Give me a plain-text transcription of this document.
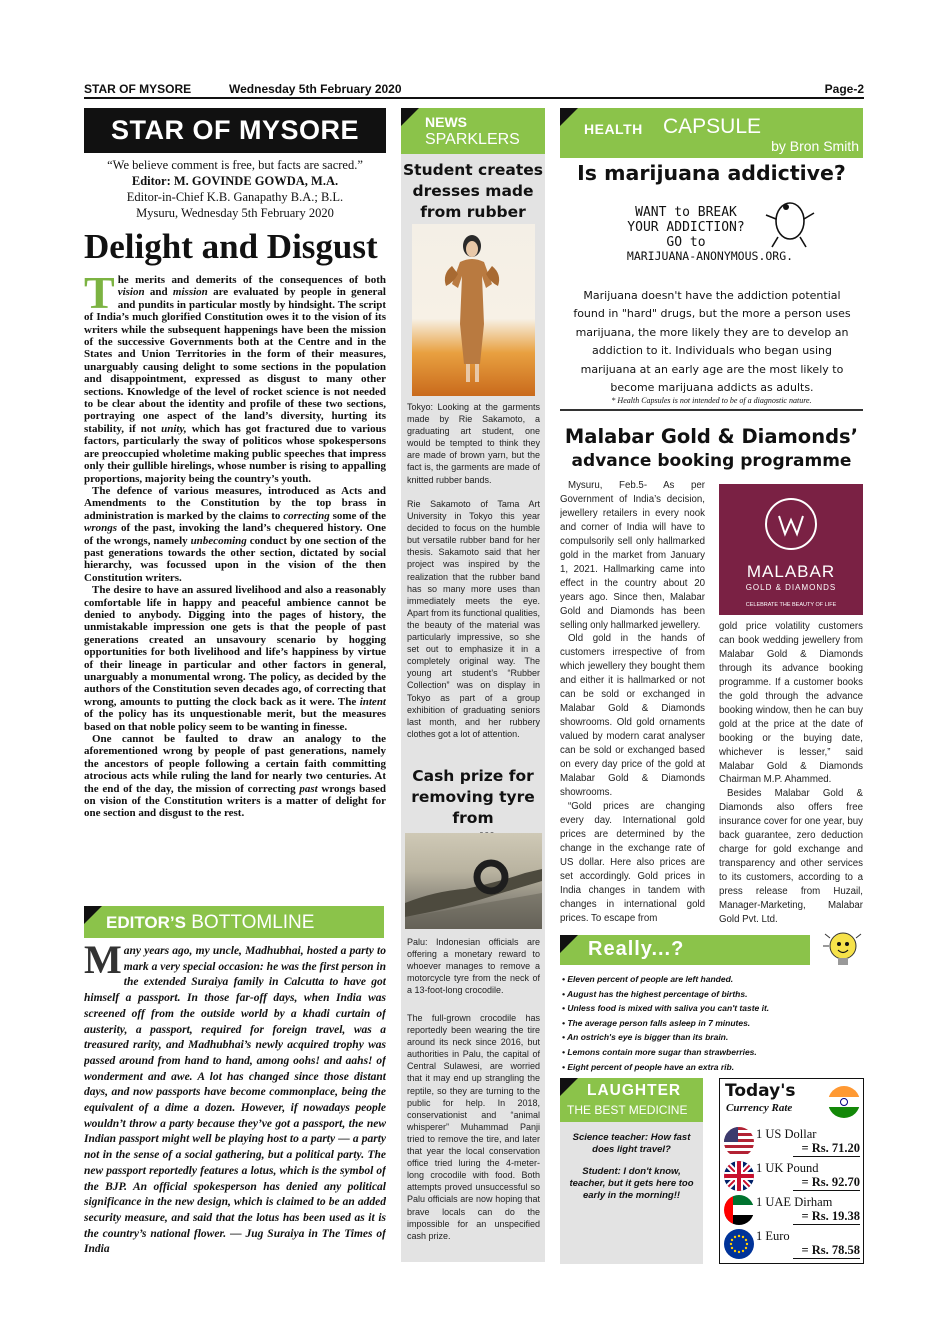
STAR OF MYSORE	Wednesday 5th February 2020	Page-2
STAR OF MYSORE
“We believe comment is free, but facts are sacred.”
Editor: M. GOVINDE GOWDA, M.A.
Editor-in-Chief K.B. Ganapathy B.A.; B.L.
Mysuru, Wednesday 5th February 2020
Delight and Disgust

The merits and demerits of the consequences of both vision and mission are evaluated by people in general and pundits in particular mostly by hindsight. The script of India’s much glorified Constitution owes it to the vision of its writers while the subsequent happenings have been the mission of the successive Governments both at the Centre and in the States and Union Territories in the form of their measures, unarguably causing delight to some sections in the population and disappointment, expressed as disgust to many other sections. Knowledge of the level of rocket science is not needed to be clear about the identity and profile of these two sections, portraying one aspect of the land’s diversity, hurting its stability, if not unity, which has got fractured due to various factors, particularly the sway of politicos whose spokespersons are preoccupied wholetime making public speeches that impress only their gullible hirelings, whose number is rising to appalling proportions, majority being the country’s youth.

The defence of various measures, introduced as Acts and Amendments to the Constitution by the top brass in administration is marked by the claims to correcting some of the wrongs of the past, invoking the land’s chequered history. One of the wrongs, namely unbecoming conduct by one section of the past generations towards the other section, dictated by social hierarchy, was focussed upon in the vision of the then Constitution writers.

The desire to have an assured livelihood and also a reasonably comfortable life in happy and peaceful ambience cannot be denied to anybody. Digging into the pages of history, the unmistakable impression one gets is that the people of past generations created an unsavoury scenario by hogging opportunities for both livelihood and life’s happiness by virtue of their lineage in particular and other factors in general, unarguably a monumental wrong. The policy, as decided by the authors of the Constitution seven decades ago, of correcting that wrong, amounts to putting the clock back as it were. The intent of the policy has its unquestionable merit, but the measures based on that noble policy seem to be wanting in finesse.

One cannot be faulted to draw an analogy to the aforementioned wrong by people of past generations, namely the ancestors of people following a certain faith committing atrocious acts while ruling the land for nearly two centuries. At the end of the day, the mission of correcting past wrongs based on vision of the Constitution writers is a matter of delight for one section and disgust to the rest.

EDITOR’S BOTTOMLINE
Many years ago, my uncle, Madhubhai, hosted a party to mark a very special occasion: he was the first person in the extended Suraiya family in Calcutta to have got himself a passport. In those far-off days, when India was screened off from the outside world by a khadi curtain of austerity, a passport, required for foreign travel, was a treasured rarity, and Madhubhai’s newly acquired trophy was passed around from hand to hand, among oohs! and aahs! of wonderment and awe. A lot has changed since those distant days, and now passports have become commonplace, being the equivalent of a dime a dozen. However, if nowadays people wouldn’t throw a party because they’ve got a passport, the new Indian passport might well be playing host to a party — a party not in the sense of a social gathering, but a political party. The new passport reportedly features a lotus, which is the symbol of the BJP. An official spokesperson has denied any political significance in the new design, which is claimed to be an added security measure, and said that the lotus has been used as it is the country’s national flower. — Jug Suraiya in The Times of India
NEWS
SPARKLERS
Student creates dresses made from rubber
Tokyo: Looking at the garments made by Rie Sakamoto, a graduating art student, one would be tempted to think they are made of brown yarn, but the fact is, the garments are made of knitted rubber bands.
Rie Sakamoto of Tama Art University in Tokyo this year decided to focus on the humble but versatile rubber band for her thesis. Sakamoto said that her project was inspired by the realization that the rubber band has so many more uses than immediately meets the eye. Apart from its functional qualities, the beauty of the material was particularly impressive, so she set out to emphasize it in a completely original way. The young art student’s “Rubber Collection” was on display in Tokyo as part of a group exhibition of graduating seniors last month, and her rubbery clothes got a lot of attention.
Cash prize for removing tyre from
Palu: Indonesian officials are offering a monetary reward to whoever manages to remove a motorcycle tyre from the neck of a 13-foot-long crocodile.
The full-grown crocodile has reportedly been wearing the tire around its neck since 2016, but authorities in Palu, the capital of Central Sulawesi, are worried that it may end up strangling the reptile, so they are turning to the public for help. In 2018, conservationist and “animal whisperer” Muhammad Panji tried to remove the tire, and later that year the local conservation office tried luring the 4-meter-long crocodile with food. Both attempts proved unsuccessful so Palu officials are now hoping that brave locals can do the impossible for an unspecified cash prize.
HEALTH CAPSULE
by Bron Smith
Is marijuana addictive?
WANT to BREAK
YOUR ADDICTION?
GO to
MARIJUANA-ANONYMOUS.ORG.
Marijuana doesn't have the addiction potential found in "hard" drugs, but the more a person uses marijuana, the more likely they are to develop an addiction to it. Individuals who began using marijuana at an early age are the most likely to become marijuana addicts as adults.
* Health Capsules is not intended to be of a diagnostic nature.
Malabar Gold & Diamonds’
advance booking programme

Mysuru, Feb.5- As per Government of India’s decision, jewellery retailers in every nook and corner of India will have to compulsorily sell only hallmarked gold in the market from January 1, 2021. Hallmarking came into effect in the country about 20 years ago. Since then, Malabar Gold and Diamonds has been selling only hallmarked jewellery.

Old gold in the hands of customers irrespective of from which jewellery they bought them and either it is hallmarked or not can be sold or exchanged in Malabar Gold & Diamonds showrooms. Old gold ornaments valued by modern carat analyser can be sold or exchanged based on every day price of the gold at Malabar Gold & Diamonds showrooms.

“Gold prices are changing every day. International gold prices are determined by the change in the exchange rate of US dollar. Here also prices are set accordingly. Gold prices in India changes in tandem with changes in international gold prices. To escape from

MALABAR
GOLD & DIAMONDS
CELEBRATE THE BEAUTY OF LIFE

gold price volatility customers can book wedding jewellery from Malabar Gold & Diamonds through its advance booking programme. If a customer books the gold through the advance booking window, then he can buy gold at the price at the date of booking or the buying date, whichever is lesser,” said Malabar Gold & Diamonds Chairman M.P. Ahammed.

Besides Malabar Gold & Diamonds also offers free insurance cover for one year, buy back guarantee, zero deduction charge for gold exchange and transparency and other services to its customers, according to a press release from Huzail, Manager-Marketing, Malabar Gold Pvt. Ltd.

Really...?
• Eleven percent of people are left handed.
• August has the highest percentage of births.
• Unless food is mixed with saliva you can't taste it.
• The average person falls asleep in 7 minutes.
• An ostrich's eye is bigger than its brain.
• Lemons contain more sugar than strawberries.
• Eight percent of people have an extra rib.
LAUGHTER
THE BEST MEDICINE
Science teacher: How fast does light travel?
Student: I don't know, teacher, but it gets here too early in the morning!!
Today's
Currency Rate
1 US Dollar
= Rs. 71.20
1 UK Pound
= Rs. 92.70
1 UAE Dirham
= Rs. 19.38
1 Euro
= Rs. 78.58
